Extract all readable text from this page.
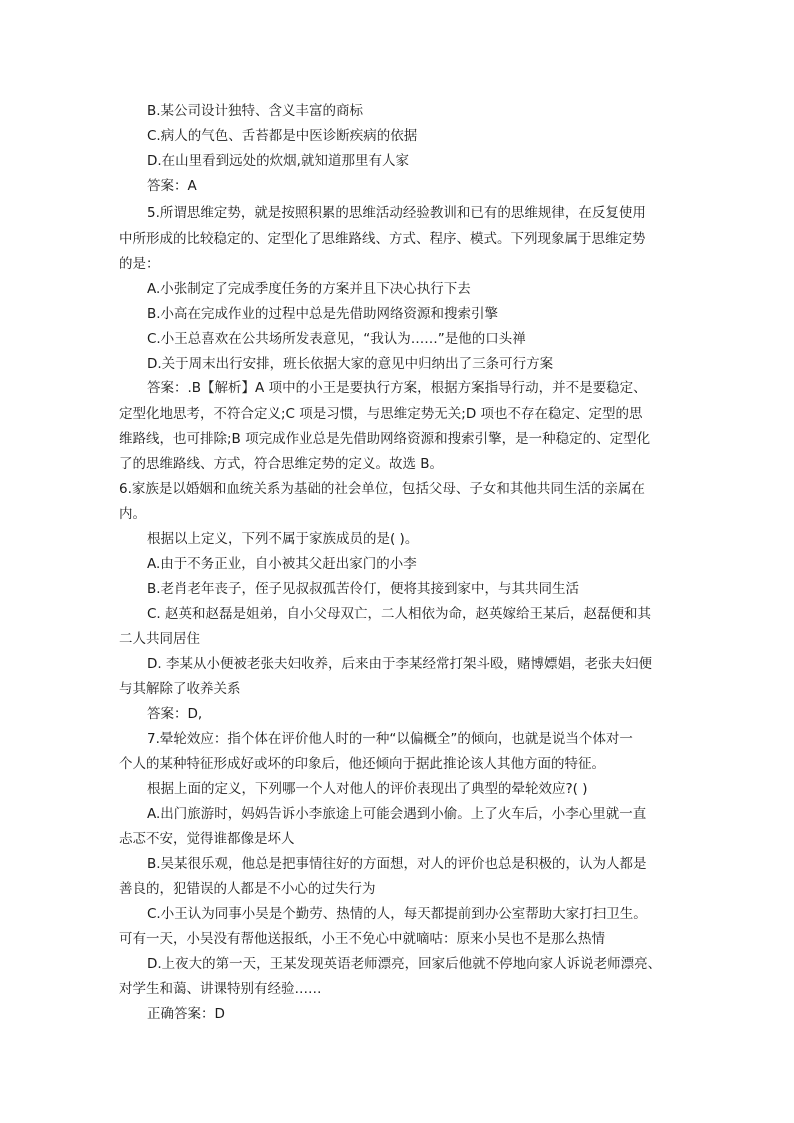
B.某公司设计独特、含义丰富的商标
C.病人的气色、舌苔都是中医诊断疾病的依据
D.在山里看到远处的炊烟,就知道那里有人家
答案：A
5.所谓思维定势，就是按照积累的思维活动经验教训和已有的思维规律，在反复使用
中所形成的比较稳定的、定型化了思维路线、方式、程序、模式。下列现象属于思维定势
的是：
A.小张制定了完成季度任务的方案并且下决心执行下去
B.小高在完成作业的过程中总是先借助网络资源和搜索引擎
C.小王总喜欢在公共场所发表意见，“我认为……”是他的口头禅
D.关于周末出行安排，班长依据大家的意见中归纳出了三条可行方案
答案：.B【解析】A 项中的小王是要执行方案，根据方案指导行动，并不是要稳定、
定型化地思考，不符合定义;C 项是习惯，与思维定势无关;D 项也不存在稳定、定型的思
维路线，也可排除;B 项完成作业总是先借助网络资源和搜索引擎，是一种稳定的、定型化
了的思维路线、方式，符合思维定势的定义。故选 B。
6.家族是以婚姻和血统关系为基础的社会单位，包括父母、子女和其他共同生活的亲属在
内。
根据以上定义，下列不属于家族成员的是( )。
A.由于不务正业，自小被其父赶出家门的小李
B.老肖老年丧子，侄子见叔叔孤苦伶仃，便将其接到家中，与其共同生活
C. 赵英和赵磊是姐弟，自小父母双亡，二人相依为命，赵英嫁给王某后，赵磊便和其
二人共同居住
D. 李某从小便被老张夫妇收养，后来由于李某经常打架斗殴，赌博嫖娼，老张夫妇便
与其解除了收养关系
答案：D,
7.晕轮效应：指个体在评价他人时的一种“以偏概全”的倾向，也就是说当个体对一
个人的某种特征形成好或坏的印象后，他还倾向于据此推论该人其他方面的特征。
根据上面的定义，下列哪一个人对他人的评价表现出了典型的晕轮效应?( )
A.出门旅游时，妈妈告诉小李旅途上可能会遇到小偷。上了火车后，小李心里就一直
忐忑不安，觉得谁都像是坏人
B.吴某很乐观，他总是把事情往好的方面想，对人的评价也总是积极的，认为人都是
善良的，犯错误的人都是不小心的过失行为
C.小王认为同事小吴是个勤劳、热情的人，每天都提前到办公室帮助大家打扫卫生。
可有一天，小吴没有帮他送报纸，小王不免心中就嘀咕：原来小吴也不是那么热情
D.上夜大的第一天，王某发现英语老师漂亮，回家后他就不停地向家人诉说老师漂亮、
对学生和蔼、讲课特别有经验……
正确答案：D
